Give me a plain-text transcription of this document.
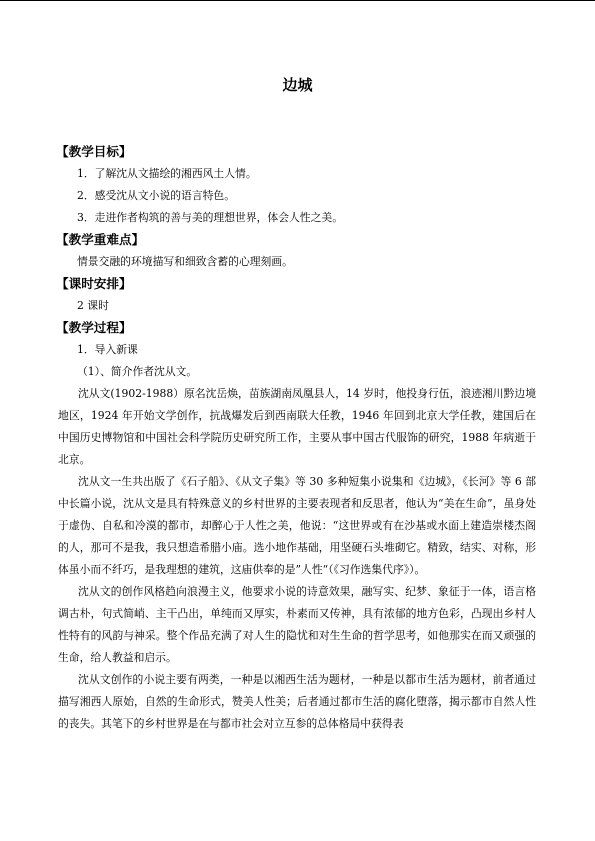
边城
【教学目标】
1．了解沈从文描绘的湘西风土人情。
2．感受沈从文小说的语言特色。
3．走进作者构筑的善与美的理想世界，体会人性之美。
【教学重难点】
情景交融的环境描写和细致含蓄的心理刻画。
【课时安排】
2 课时
【教学过程】
1．导入新课
（1）、简介作者沈从文。
沈从文(1902-1988）原名沈岳焕，苗族湖南凤凰县人，14 岁时，他投身行伍，浪迹湘川黔边境地区，1924 年开始文学创作，抗战爆发后到西南联大任教，1946 年回到北京大学任教，建国后在中国历史博物馆和中国社会科学院历史研究所工作，主要从事中国古代服饰的研究，1988 年病逝于北京。
沈从文一生共出版了《石子船》、《从文子集》等 30 多种短集小说集和《边城》，《长河》等 6 部中长篇小说，沈从文是具有特殊意义的乡村世界的主要表现者和反思者，他认为“美在生命”，虽身处于虚伪、自私和冷漠的都市，却醉心于人性之美，他说：“这世界或有在沙基或水面上建造崇楼杰阁的人，那可不是我，我只想造希腊小庙。选小地作基础，用坚硬石头堆砌它。精致，结实、对称，形体虽小而不纤巧，是我理想的建筑，这庙供奉的是”人性“（《习作选集代序》）。
沈从文的创作风格趋向浪漫主义，他要求小说的诗意效果，融写实、纪梦、象征于一体，语言格调古朴，句式简峭、主干凸出，单纯而又厚实，朴素而又传神，具有浓郁的地方色彩，凸现出乡村人性特有的风韵与神采。整个作品充满了对人生的隐忧和对生生命的哲学思考，如他那实在而又顽强的生命，给人教益和启示。
沈从文创作的小说主要有两类，一种是以湘西生活为题材，一种是以都市生活为题材，前者通过描写湘西人原始，自然的生命形式，赞美人性美；后者通过都市生活的腐化堕落，揭示都市自然人性的丧失。其笔下的乡村世界是在与都市社会对立互参的总体格局中获得表
